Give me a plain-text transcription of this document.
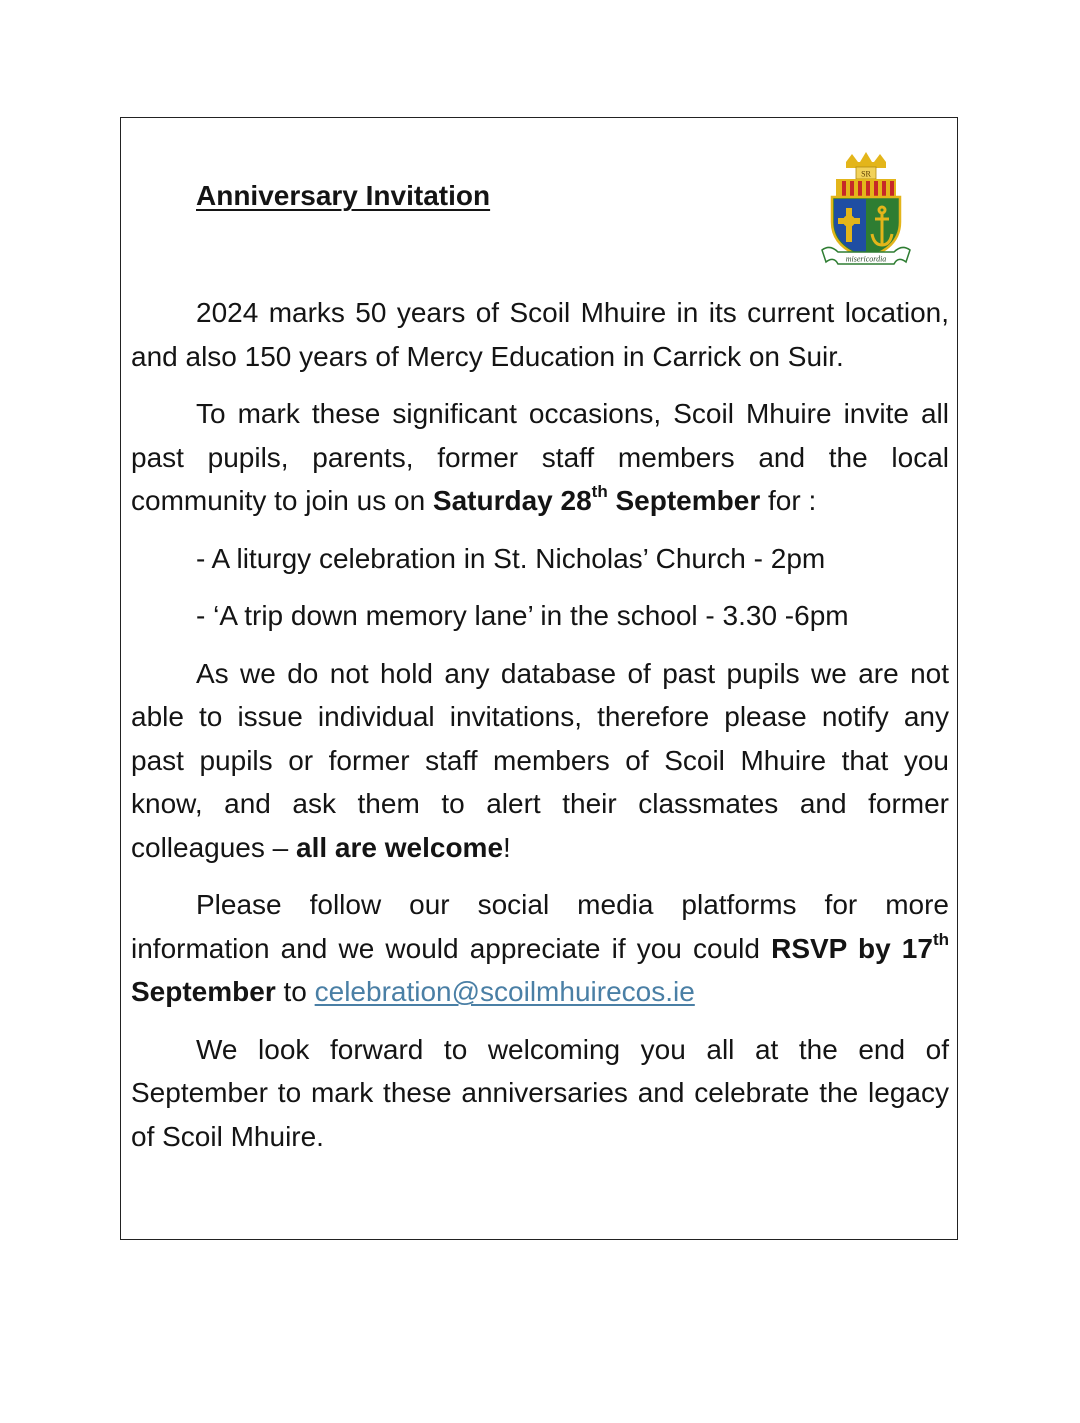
Anniversary Invitation
SR
misericordia

2024 marks 50 years of Scoil Mhuire in its current location, and also 150 years of Mercy Education in Carrick on Suir.

To mark these significant occasions, Scoil Mhuire invite all past pupils, parents, former staff members and the local community to join us on Saturday 28th September for :

- A liturgy celebration in St. Nicholas’ Church - 2pm

- ‘A trip down memory lane’ in the school - 3.30 -6pm

As we do not hold any database of past pupils we are not able to issue individual invitations, therefore please notify any past pupils or former staff members of Scoil Mhuire that you know, and ask them to alert their classmates and former colleagues – all are welcome!

Please follow our social media platforms for more information and we would appreciate if you could RSVP by 17th September to celebration@scoilmhuirecos.ie

We look forward to welcoming you all at the end of September to mark these anniversaries and celebrate the legacy of Scoil Mhuire.
